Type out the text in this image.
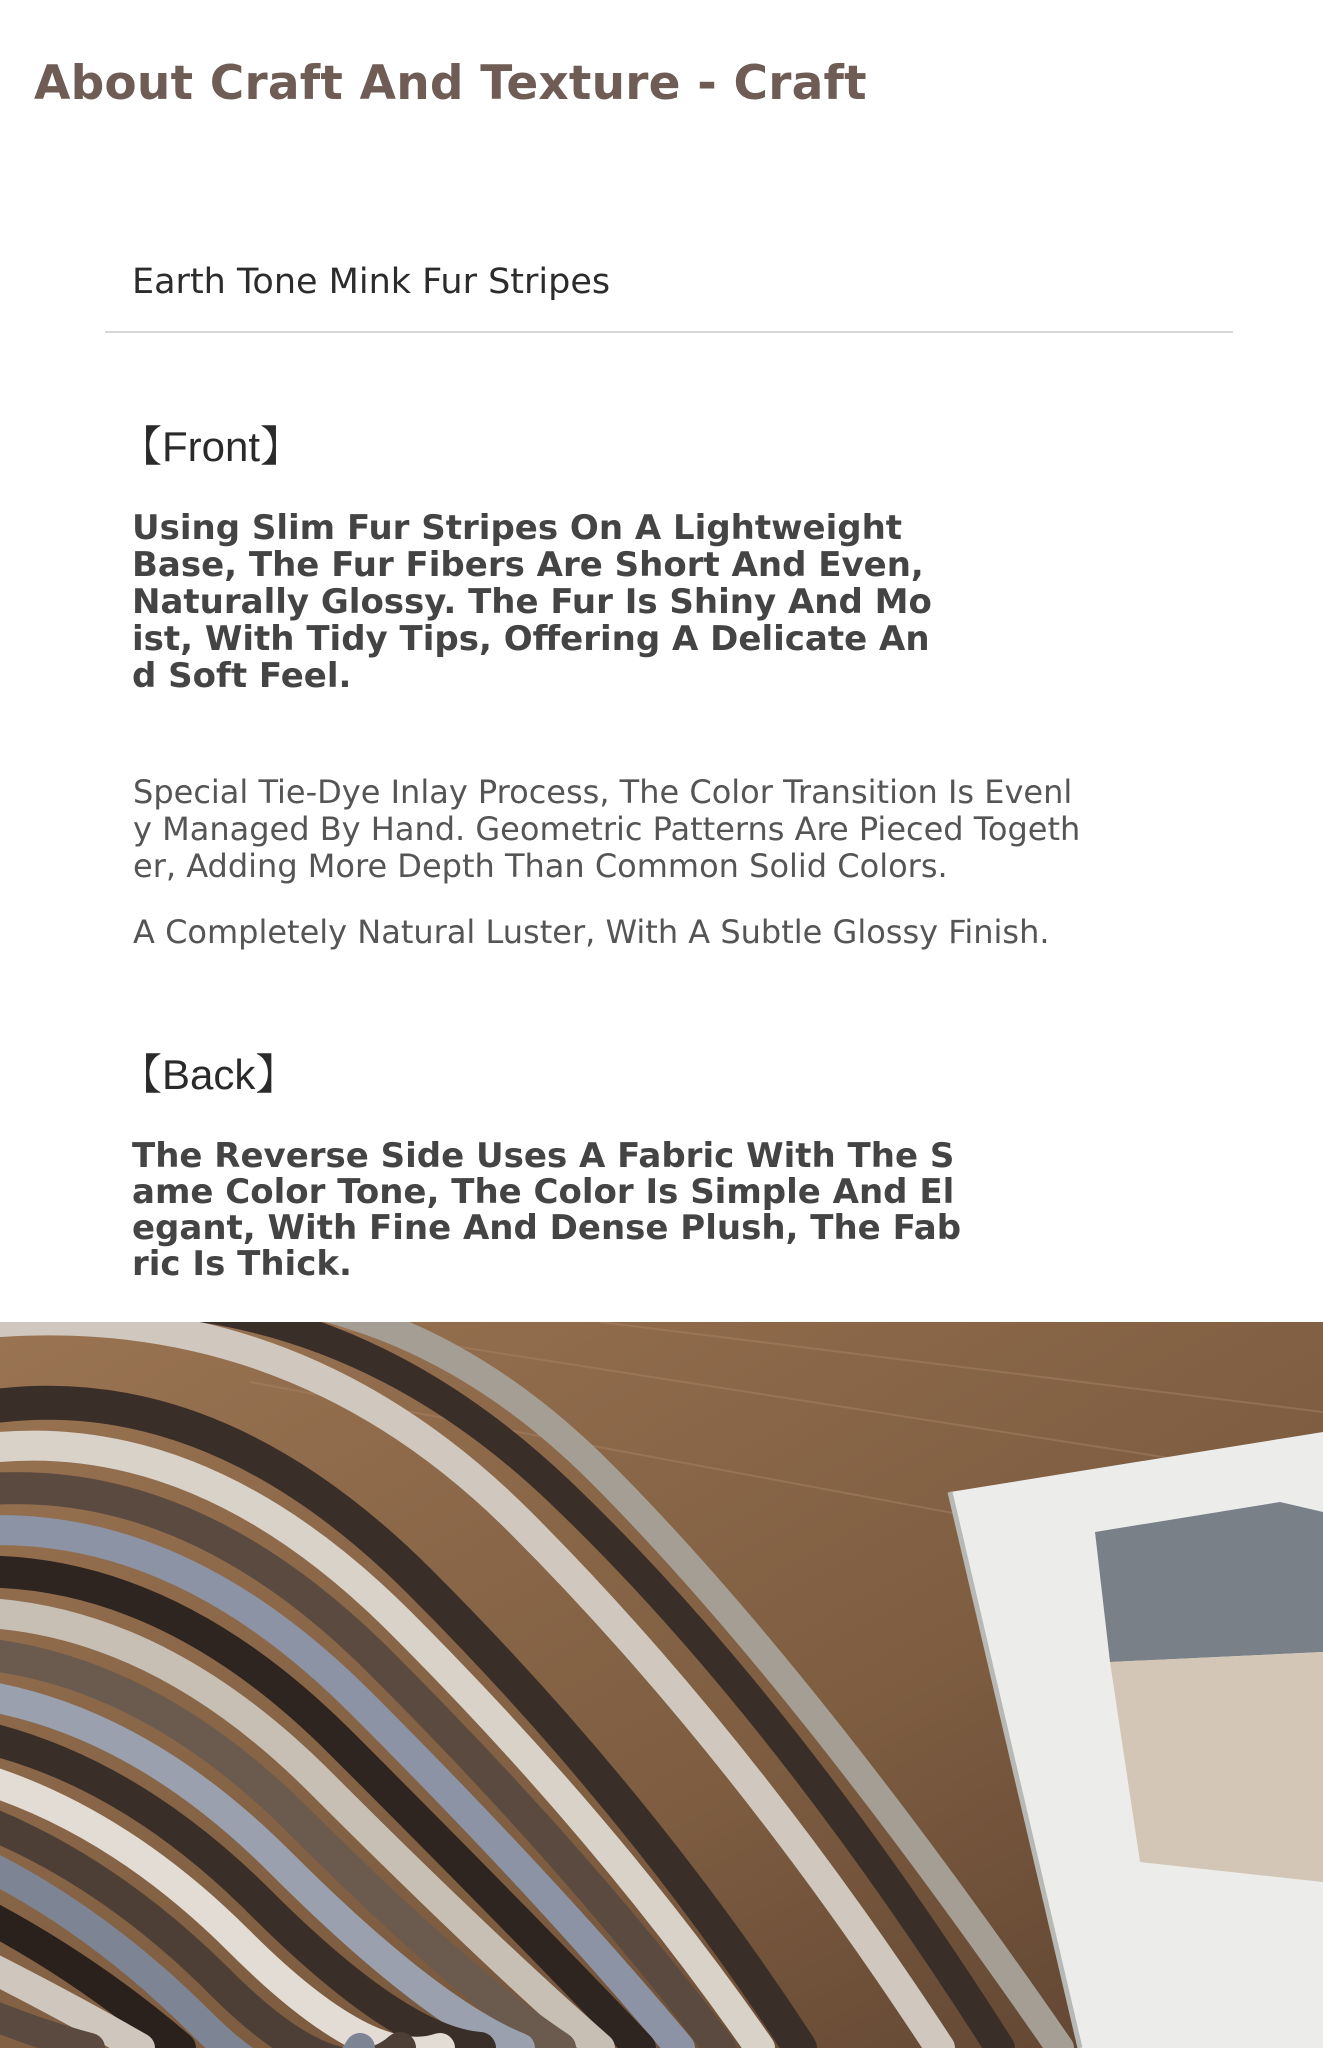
About Craft And Texture - Craft
Earth Tone Mink Fur Stripes
【Front】

Using Slim Fur Stripes On A Lightweight Base, The Fur Fibers Are Short And Even, Naturally Glossy. The Fur Is Shiny And Moist, With Tidy Tips, Offering A Delicate And Soft Feel.

Special Tie-Dye Inlay Process, The Color Transition Is Evenly Managed By Hand. Geometric Patterns Are Pieced Together, Adding More Depth Than Common Solid Colors.

A Completely Natural Luster, With A Subtle Glossy Finish.

【Back】

The Reverse Side Uses A Fabric With The Same Color Tone, The Color Is Simple And Elegant, With Fine And Dense Plush, The Fabric Is Thick.
